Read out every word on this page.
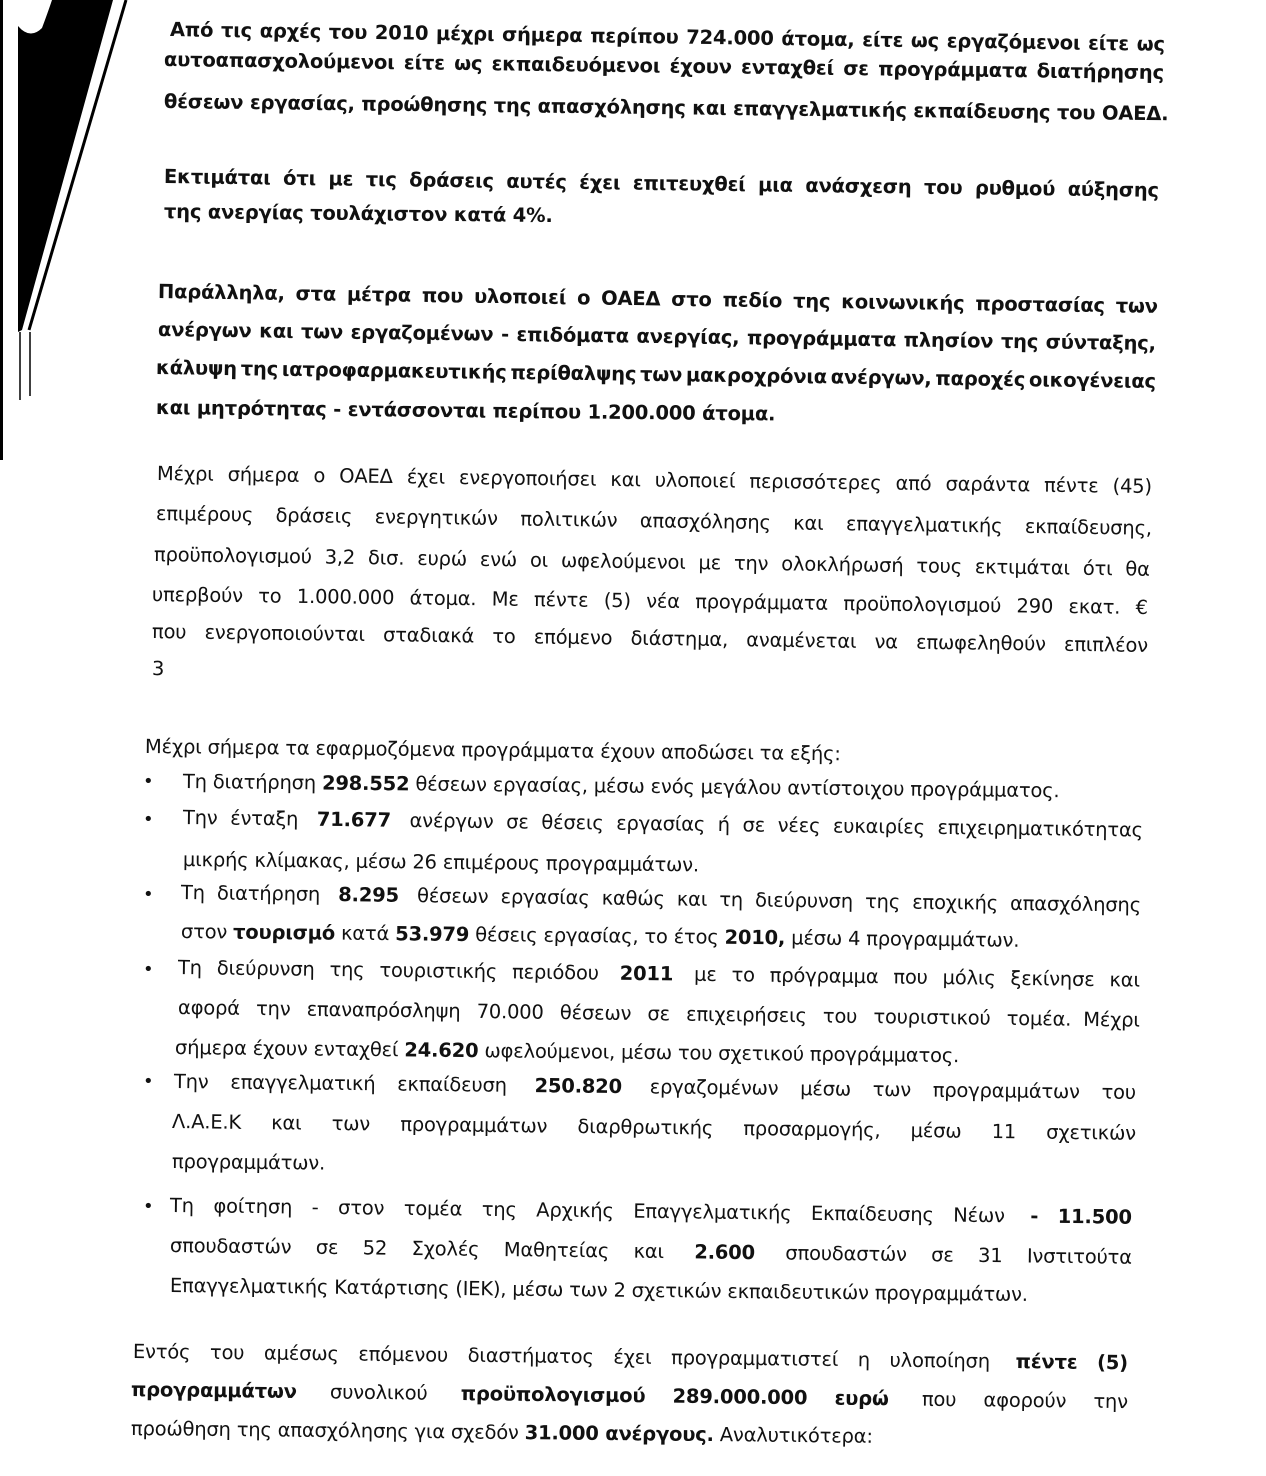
Από τις αρχές του 2010 μέχρι σήμερα περίπου 724.000 άτομα, είτε ως εργαζόμενοι είτε ως
αυτοαπασχολούμενοι είτε ως εκπαιδευόμενοι έχουν ενταχθεί σε προγράμματα διατήρησης
θέσεων εργασίας, προώθησης της απασχόλησης και επαγγελματικής εκπαίδευσης του ΟΑΕΔ.
Εκτιμάται ότι με τις δράσεις αυτές έχει επιτευχθεί μια ανάσχεση του ρυθμού αύξησης
της ανεργίας τουλάχιστον κατά 4%.
Παράλληλα, στα μέτρα που υλοποιεί ο ΟΑΕΔ στο πεδίο της κοινωνικής προστασίας των
ανέργων και των εργαζομένων - επιδόματα ανεργίας, προγράμματα πλησίον της σύνταξης,
κάλυψη της ιατροφαρμακευτικής περίθαλψης των μακροχρόνια ανέργων, παροχές οικογένειας
και μητρότητας - εντάσσονται περίπου 1.200.000 άτομα.
Μέχρι σήμερα ο ΟΑΕΔ έχει ενεργοποιήσει και υλοποιεί περισσότερες από σαράντα πέντε (45)
επιμέρους δράσεις ενεργητικών πολιτικών απασχόλησης και επαγγελματικής εκπαίδευσης,
προϋπολογισμού 3,2 δισ. ευρώ ενώ οι ωφελούμενοι με την ολοκλήρωσή τους εκτιμάται ότι θα
υπερβούν το 1.000.000 άτομα. Με πέντε (5) νέα προγράμματα προϋπολογισμού 290 εκατ. €
που ενεργοποιούνται σταδιακά το επόμενο διάστημα, αναμένεται να επωφεληθούν επιπλέον
3
Μέχρι σήμερα τα εφαρμοζόμενα προγράμματα έχουν αποδώσει τα εξής:
• Τη διατήρηση 298.552 θέσεων εργασίας, μέσω ενός μεγάλου αντίστοιχου προγράμματος.
• Την ένταξη 71.677 ανέργων σε θέσεις εργασίας ή σε νέες ευκαιρίες επιχειρηματικότητας
μικρής κλίμακας, μέσω 26 επιμέρους προγραμμάτων.
• Τη διατήρηση 8.295 θέσεων εργασίας καθώς και τη διεύρυνση της εποχικής απασχόλησης
στον τουρισμό κατά 53.979 θέσεις εργασίας, το έτος 2010, μέσω 4 προγραμμάτων.
• Τη διεύρυνση της τουριστικής περιόδου 2011 με το πρόγραμμα που μόλις ξεκίνησε και
αφορά την επαναπρόσληψη 70.000 θέσεων σε επιχειρήσεις του τουριστικού τομέα.  Μέχρι
σήμερα έχουν ενταχθεί 24.620 ωφελούμενοι, μέσω του σχετικού προγράμματος.
• Την επαγγελματική εκπαίδευση 250.820 εργαζομένων μέσω των προγραμμάτων του
Λ.Α.Ε.Κ και των προγραμμάτων διαρθρωτικής προσαρμογής, μέσω 11 σχετικών
προγραμμάτων.
• Τη φοίτηση - στον τομέα της Αρχικής Επαγγελματικής Εκπαίδευσης Νέων - 11.500
σπουδαστών σε 52 Σχολές Μαθητείας και 2.600 σπουδαστών σε 31 Ινστιτούτα
Επαγγελματικής Κατάρτισης (ΙΕΚ), μέσω των 2 σχετικών εκπαιδευτικών προγραμμάτων.
Εντός του αμέσως επόμενου διαστήματος έχει προγραμματιστεί η υλοποίηση πέντε (5)
προγραμμάτων συνολικού προϋπολογισμού 289.000.000 ευρώ που αφορούν την
προώθηση της απασχόλησης για σχεδόν 31.000 ανέργους. Αναλυτικότερα:
